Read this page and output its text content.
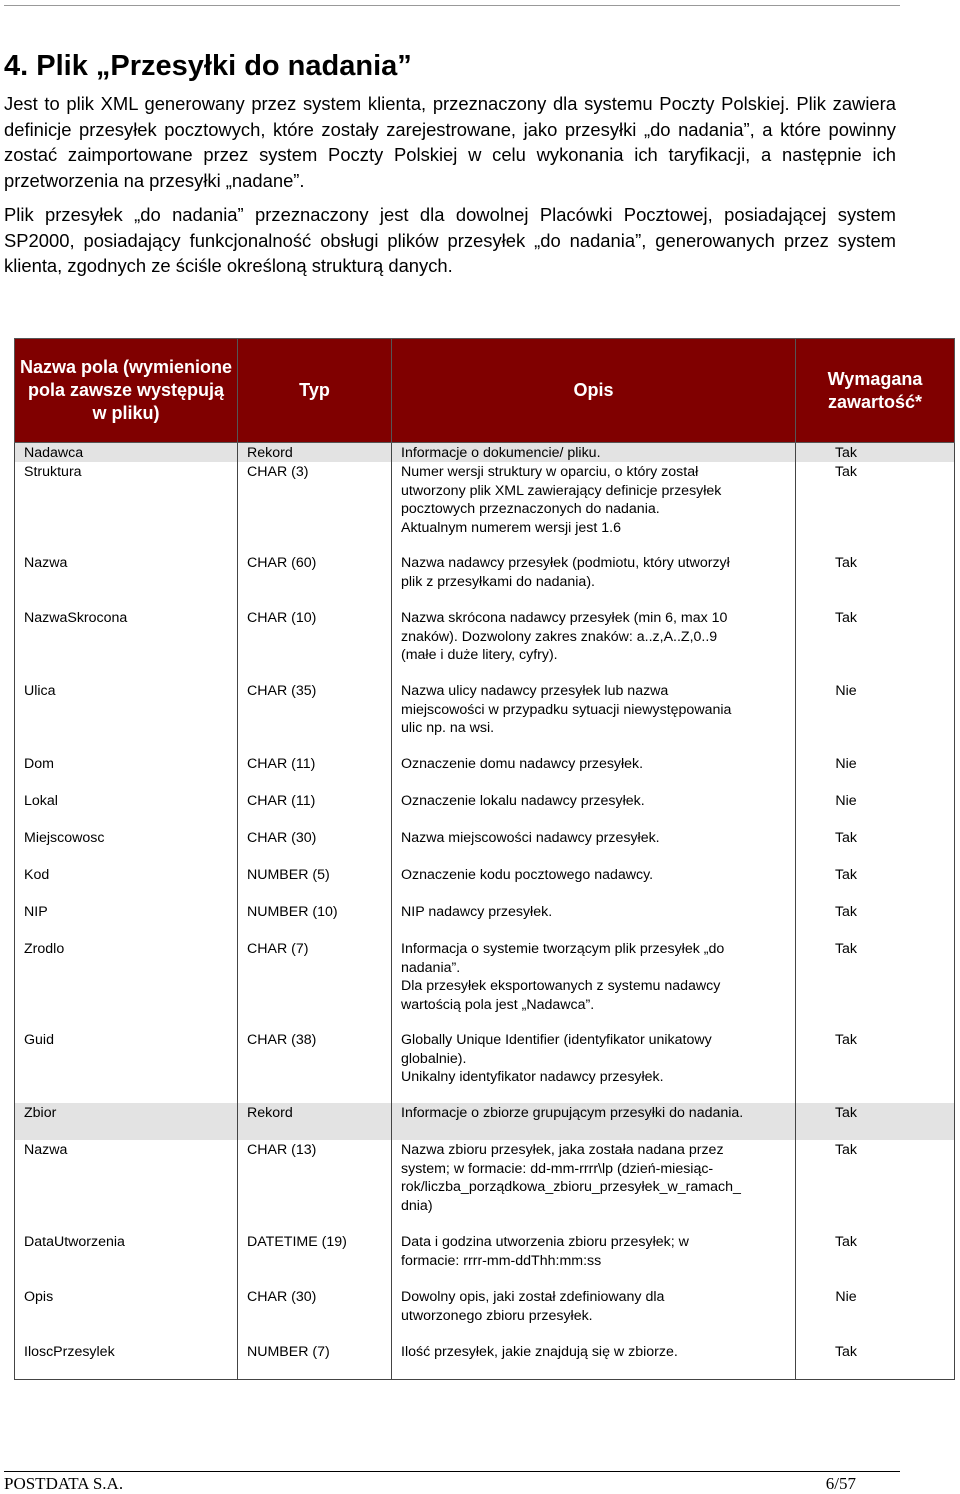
4. Plik „Przesyłki do nadania”

Jest to plik XML generowany przez system klienta, przeznaczony dla systemu Poczty Polskiej. Plik zawiera definicje przesyłek pocztowych, które zostały zarejestrowane, jako przesyłki „do nadania”, a które powinny zostać zaimportowane przez system Poczty Polskiej w celu wykonania ich taryfikacji, a następnie ich przetworzenia na przesyłki „nadane”.

Plik przesyłek „do nadania” przeznaczony jest dla dowolnej Placówki Pocztowej, posiadającej system SP2000, posiadający funkcjonalność obsługi plików przesyłek „do nadania”, generowanych przez system klienta, zgodnych ze ściśle określoną strukturą danych.

Nazwa pola (wymienione pola zawsze występują w pliku)	Typ	Opis	Wymagana zawartość*
Nadawca	Rekord	Informacje o dokumencie/ pliku.	Tak
Struktura	CHAR (3)	Numer wersji struktury w oparciu, o który został
utworzony plik XML zawierający definicje przesyłek
pocztowych przeznaczonych do nadania.
Aktualnym numerem wersji jest 1.6	Tak
Nazwa	CHAR (60)	Nazwa nadawcy przesyłek (podmiotu, który utworzył
plik z przesyłkami do nadania).	Tak
NazwaSkrocona	CHAR (10)	Nazwa skrócona nadawcy przesyłek (min 6, max 10
znaków). Dozwolony zakres znaków: a..z,A..Z,0..9
(małe i duże litery, cyfry).	Tak
Ulica	CHAR (35)	Nazwa ulicy nadawcy przesyłek lub nazwa
miejscowości w przypadku sytuacji niewystępowania
ulic np. na wsi.	Nie
Dom	CHAR (11)	Oznaczenie domu nadawcy przesyłek.	Nie
Lokal	CHAR (11)	Oznaczenie lokalu nadawcy przesyłek.	Nie
Miejscowosc	CHAR (30)	Nazwa miejscowości nadawcy przesyłek.	Tak
Kod	NUMBER (5)	Oznaczenie kodu pocztowego nadawcy.	Tak
NIP	NUMBER (10)	NIP nadawcy przesyłek.	Tak
Zrodlo	CHAR (7)	Informacja o systemie tworzącym plik przesyłek „do
nadania”.
Dla przesyłek eksportowanych z systemu nadawcy
wartością pola jest „Nadawca”.	Tak
Guid	CHAR (38)	Globally Unique Identifier (identyfikator unikatowy
globalnie).
Unikalny identyfikator nadawcy przesyłek.	Tak
Zbior	Rekord	Informacje o zbiorze grupującym przesyłki do nadania.	Tak
Nazwa	CHAR (13)	Nazwa zbioru przesyłek, jaka została nadana przez
system; w formacie: dd-mm-rrrr\lp (dzień-miesiąc-
rok/liczba_porządkowa_zbioru_przesyłek_w_ramach_
dnia)	Tak
DataUtworzenia	DATETIME (19)	Data i godzina utworzenia zbioru przesyłek; w
formacie: rrrr-mm-ddThh:mm:ss	Tak
Opis	CHAR (30)	Dowolny opis, jaki został zdefiniowany dla
utworzonego zbioru przesyłek.	Nie
IloscPrzesylek	NUMBER (7)	Ilość przesyłek, jakie znajdują się w zbiorze.	Tak
POSTDATA S.A.	6/57
